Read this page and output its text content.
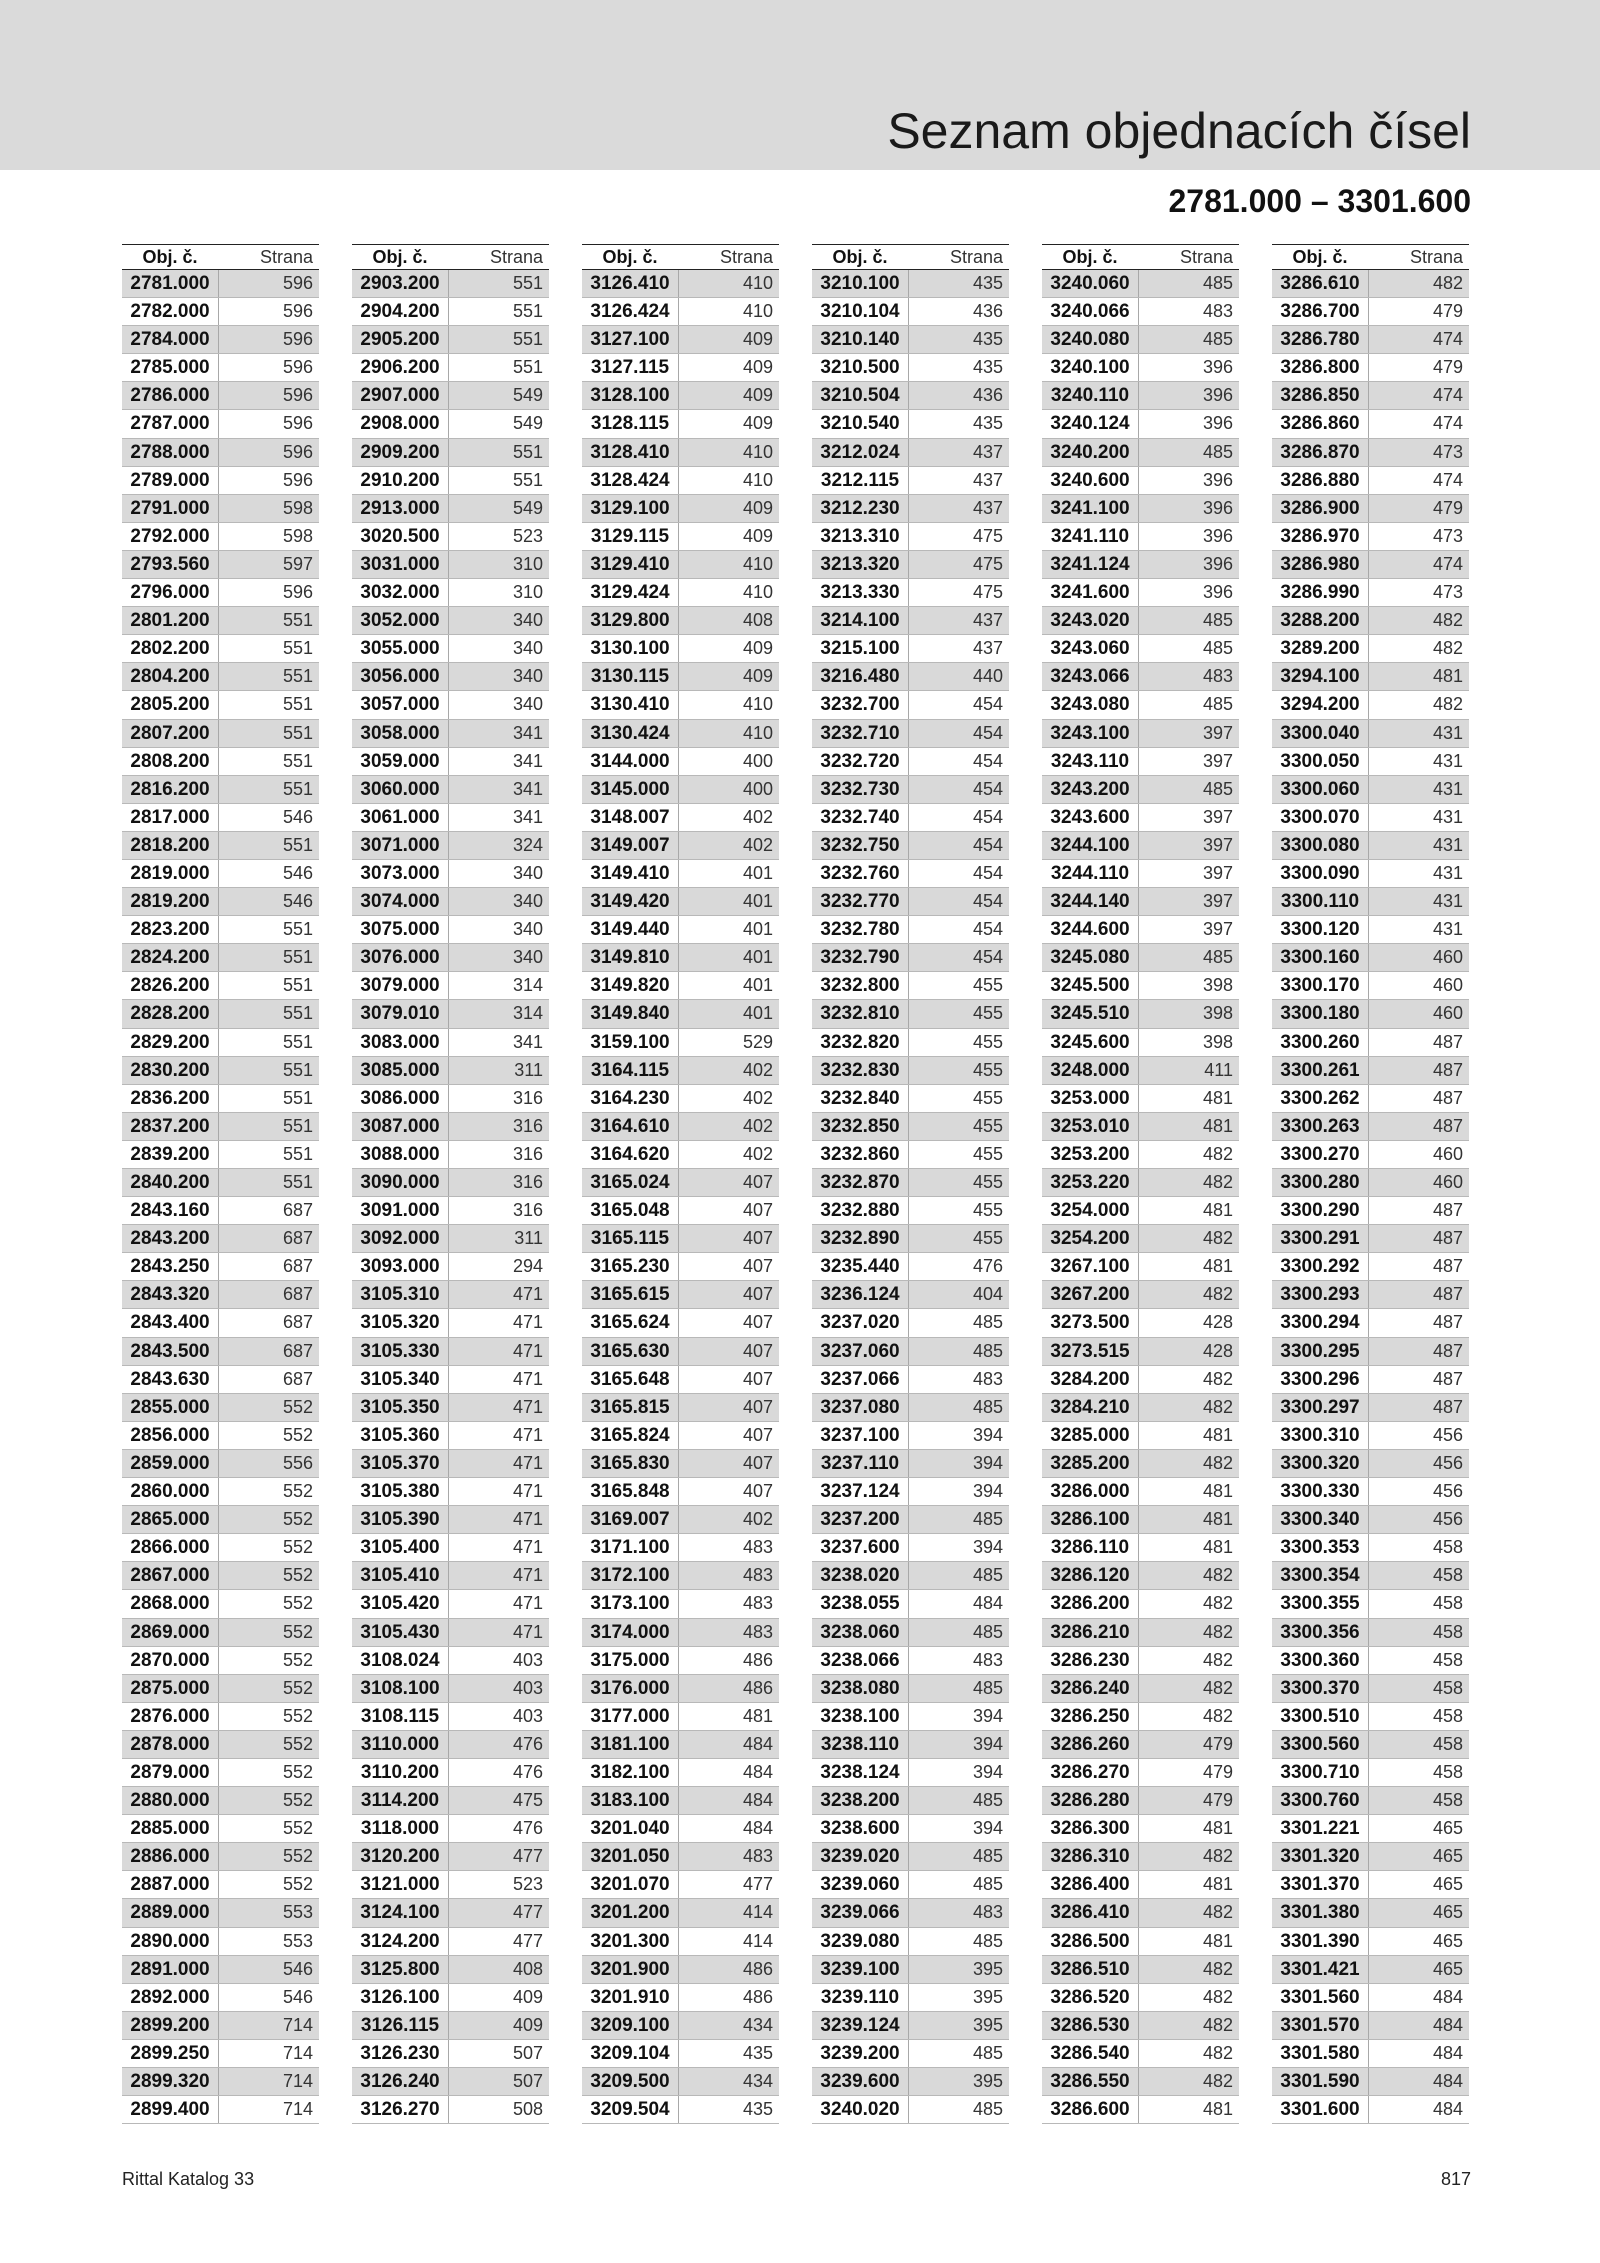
Seznam objednacích čísel
2781.000 – 3301.600
Obj. č.	Strana
2781.000	596
2782.000	596
2784.000	596
2785.000	596
2786.000	596
2787.000	596
2788.000	596
2789.000	596
2791.000	598
2792.000	598
2793.560	597
2796.000	596
2801.200	551
2802.200	551
2804.200	551
2805.200	551
2807.200	551
2808.200	551
2816.200	551
2817.000	546
2818.200	551
2819.000	546
2819.200	546
2823.200	551
2824.200	551
2826.200	551
2828.200	551
2829.200	551
2830.200	551
2836.200	551
2837.200	551
2839.200	551
2840.200	551
2843.160	687
2843.200	687
2843.250	687
2843.320	687
2843.400	687
2843.500	687
2843.630	687
2855.000	552
2856.000	552
2859.000	556
2860.000	552
2865.000	552
2866.000	552
2867.000	552
2868.000	552
2869.000	552
2870.000	552
2875.000	552
2876.000	552
2878.000	552
2879.000	552
2880.000	552
2885.000	552
2886.000	552
2887.000	552
2889.000	553
2890.000	553
2891.000	546
2892.000	546
2899.200	714
2899.250	714
2899.320	714
2899.400	714
Obj. č.	Strana
2903.200	551
2904.200	551
2905.200	551
2906.200	551
2907.000	549
2908.000	549
2909.200	551
2910.200	551
2913.000	549
3020.500	523
3031.000	310
3032.000	310
3052.000	340
3055.000	340
3056.000	340
3057.000	340
3058.000	341
3059.000	341
3060.000	341
3061.000	341
3071.000	324
3073.000	340
3074.000	340
3075.000	340
3076.000	340
3079.000	314
3079.010	314
3083.000	341
3085.000	311
3086.000	316
3087.000	316
3088.000	316
3090.000	316
3091.000	316
3092.000	311
3093.000	294
3105.310	471
3105.320	471
3105.330	471
3105.340	471
3105.350	471
3105.360	471
3105.370	471
3105.380	471
3105.390	471
3105.400	471
3105.410	471
3105.420	471
3105.430	471
3108.024	403
3108.100	403
3108.115	403
3110.000	476
3110.200	476
3114.200	475
3118.000	476
3120.200	477
3121.000	523
3124.100	477
3124.200	477
3125.800	408
3126.100	409
3126.115	409
3126.230	507
3126.240	507
3126.270	508
Obj. č.	Strana
3126.410	410
3126.424	410
3127.100	409
3127.115	409
3128.100	409
3128.115	409
3128.410	410
3128.424	410
3129.100	409
3129.115	409
3129.410	410
3129.424	410
3129.800	408
3130.100	409
3130.115	409
3130.410	410
3130.424	410
3144.000	400
3145.000	400
3148.007	402
3149.007	402
3149.410	401
3149.420	401
3149.440	401
3149.810	401
3149.820	401
3149.840	401
3159.100	529
3164.115	402
3164.230	402
3164.610	402
3164.620	402
3165.024	407
3165.048	407
3165.115	407
3165.230	407
3165.615	407
3165.624	407
3165.630	407
3165.648	407
3165.815	407
3165.824	407
3165.830	407
3165.848	407
3169.007	402
3171.100	483
3172.100	483
3173.100	483
3174.000	483
3175.000	486
3176.000	486
3177.000	481
3181.100	484
3182.100	484
3183.100	484
3201.040	484
3201.050	483
3201.070	477
3201.200	414
3201.300	414
3201.900	486
3201.910	486
3209.100	434
3209.104	435
3209.500	434
3209.504	435
Obj. č.	Strana
3210.100	435
3210.104	436
3210.140	435
3210.500	435
3210.504	436
3210.540	435
3212.024	437
3212.115	437
3212.230	437
3213.310	475
3213.320	475
3213.330	475
3214.100	437
3215.100	437
3216.480	440
3232.700	454
3232.710	454
3232.720	454
3232.730	454
3232.740	454
3232.750	454
3232.760	454
3232.770	454
3232.780	454
3232.790	454
3232.800	455
3232.810	455
3232.820	455
3232.830	455
3232.840	455
3232.850	455
3232.860	455
3232.870	455
3232.880	455
3232.890	455
3235.440	476
3236.124	404
3237.020	485
3237.060	485
3237.066	483
3237.080	485
3237.100	394
3237.110	394
3237.124	394
3237.200	485
3237.600	394
3238.020	485
3238.055	484
3238.060	485
3238.066	483
3238.080	485
3238.100	394
3238.110	394
3238.124	394
3238.200	485
3238.600	394
3239.020	485
3239.060	485
3239.066	483
3239.080	485
3239.100	395
3239.110	395
3239.124	395
3239.200	485
3239.600	395
3240.020	485
Obj. č.	Strana
3240.060	485
3240.066	483
3240.080	485
3240.100	396
3240.110	396
3240.124	396
3240.200	485
3240.600	396
3241.100	396
3241.110	396
3241.124	396
3241.600	396
3243.020	485
3243.060	485
3243.066	483
3243.080	485
3243.100	397
3243.110	397
3243.200	485
3243.600	397
3244.100	397
3244.110	397
3244.140	397
3244.600	397
3245.080	485
3245.500	398
3245.510	398
3245.600	398
3248.000	411
3253.000	481
3253.010	481
3253.200	482
3253.220	482
3254.000	481
3254.200	482
3267.100	481
3267.200	482
3273.500	428
3273.515	428
3284.200	482
3284.210	482
3285.000	481
3285.200	482
3286.000	481
3286.100	481
3286.110	481
3286.120	482
3286.200	482
3286.210	482
3286.230	482
3286.240	482
3286.250	482
3286.260	479
3286.270	479
3286.280	479
3286.300	481
3286.310	482
3286.400	481
3286.410	482
3286.500	481
3286.510	482
3286.520	482
3286.530	482
3286.540	482
3286.550	482
3286.600	481
Obj. č.	Strana
3286.610	482
3286.700	479
3286.780	474
3286.800	479
3286.850	474
3286.860	474
3286.870	473
3286.880	474
3286.900	479
3286.970	473
3286.980	474
3286.990	473
3288.200	482
3289.200	482
3294.100	481
3294.200	482
3300.040	431
3300.050	431
3300.060	431
3300.070	431
3300.080	431
3300.090	431
3300.110	431
3300.120	431
3300.160	460
3300.170	460
3300.180	460
3300.260	487
3300.261	487
3300.262	487
3300.263	487
3300.270	460
3300.280	460
3300.290	487
3300.291	487
3300.292	487
3300.293	487
3300.294	487
3300.295	487
3300.296	487
3300.297	487
3300.310	456
3300.320	456
3300.330	456
3300.340	456
3300.353	458
3300.354	458
3300.355	458
3300.356	458
3300.360	458
3300.370	458
3300.510	458
3300.560	458
3300.710	458
3300.760	458
3301.221	465
3301.320	465
3301.370	465
3301.380	465
3301.390	465
3301.421	465
3301.560	484
3301.570	484
3301.580	484
3301.590	484
3301.600	484
Rittal Katalog 33	817
